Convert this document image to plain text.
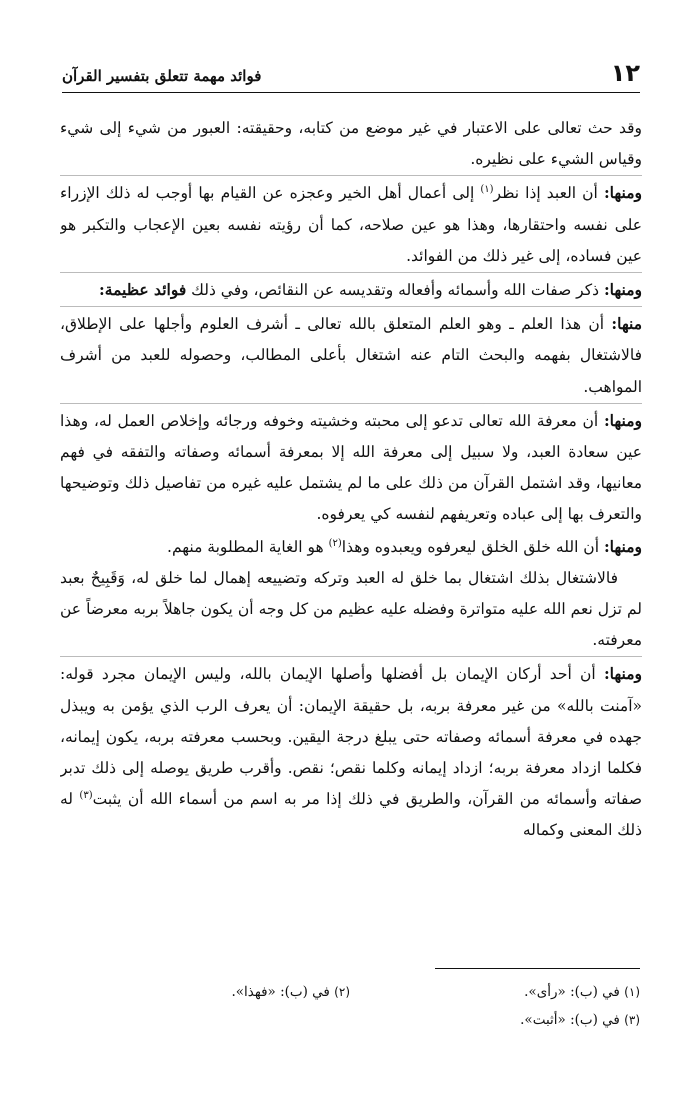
١٢
فوائد مهمة تتعلق بتفسير القرآن

وقد حث تعالى على الاعتبار في غير موضع من كتابه، وحقيقته: العبور من شيء إلى شيء وقياس الشيء على نظيره.

ومنها: أن العبد إذا نظر$^{(١)}$ إلى أعمال أهل الخير وعجزه عن القيام بها أوجب له ذلك الإزراء على نفسه واحتقارها، وهذا هو عين صلاحه، كما أن رؤيته نفسه بعين الإعجاب والتكبر هو عين فساده، إلى غير ذلك من الفوائد.

ومنها: ذكر صفات الله وأسمائه وأفعاله وتقديسه عن النقائص، وفي ذلك فوائد عظيمة:

منها: أن هذا العلم ـ وهو العلم المتعلق بالله تعالى ـ أشرف العلوم وأجلها على الإطلاق، فالاشتغال بفهمه والبحث التام عنه اشتغال بأعلى المطالب، وحصوله للعبد من أشرف المواهب.

ومنها: أن معرفة الله تعالى تدعو إلى محبته وخشيته وخوفه ورجائه وإخلاص العمل له، وهذا عين سعادة العبد، ولا سبيل إلى معرفة الله إلا بمعرفة أسمائه وصفاته والتفقه في فهم معانيها، وقد اشتمل القرآن من ذلك على ما لم يشتمل عليه غيره من تفاصيل ذلك وتوضيحها والتعرف بها إلى عباده وتعريفهم لنفسه كي يعرفوه.

ومنها: أن الله خلق الخلق ليعرفوه ويعبدوه وهذا$^{(٢)}$ هو الغاية المطلوبة منهم.

فالاشتغال بذلك اشتغال بما خلق له العبد وتركه وتضييعه إهمال لما خلق له، وَقَبِيحٌ بعبد لم تزل نعم الله عليه متواترة وفضله عليه عظيم من كل وجه أن يكون جاهلاً بربه معرضاً عن معرفته.

ومنها: أن أحد أركان الإيمان بل أفضلها وأصلها الإيمان بالله، وليس الإيمان مجرد قوله: «آمنت بالله» من غير معرفة بربه، بل حقيقة الإيمان: أن يعرف الرب الذي يؤمن به ويبذل جهده في معرفة أسمائه وصفاته حتى يبلغ درجة اليقين. وبحسب معرفته بربه، يكون إيمانه، فكلما ازداد معرفة بربه؛ ازداد إيمانه وكلما نقص؛ نقص. وأقرب طريق يوصله إلى ذلك تدبر صفاته وأسمائه من القرآن، والطريق في ذلك إذا مر به اسم من أسماء الله أن يثبت$^{(٣)}$ له ذلك المعنى وكماله

(١) في (ب): «رأى».
(٢) في (ب): «فهذا».
(٣) في (ب): «أثبت».
